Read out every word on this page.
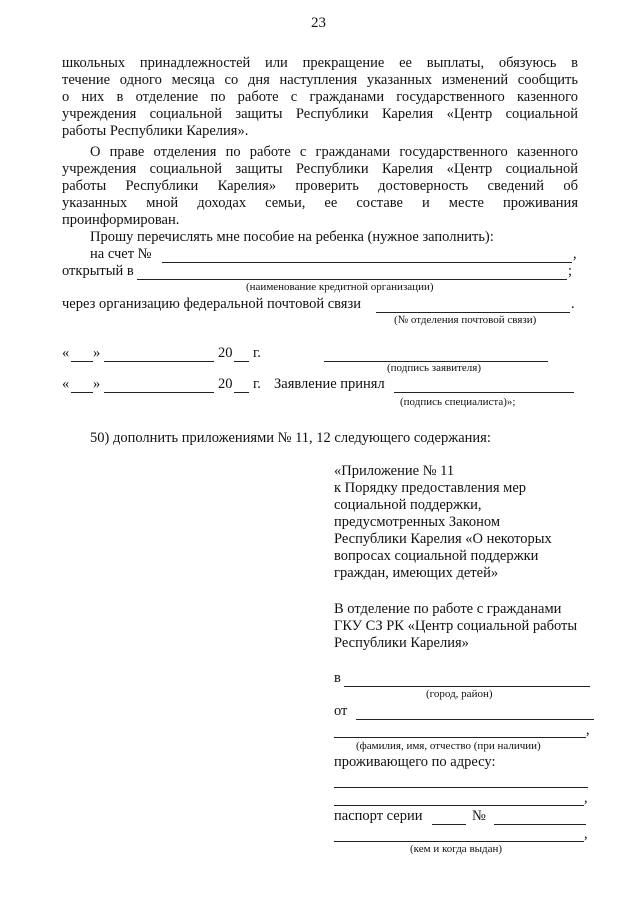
23
школьных принадлежностей или прекращение ее выплаты, обязуюсь в
течение одного месяца со дня наступления указанных изменений сообщить
о них в отделение по работе с гражданами государственного казенного
учреждения социальной защиты Республики Карелия «Центр социальной
работы Республики Карелия».
О праве отделения по работе с гражданами государственного казенного
учреждения социальной защиты Республики Карелия «Центр социальной
работы Республики Карелия» проверить достоверность сведений об
указанных мной доходах семьи, ее составе и месте проживания
проинформирован.
Прошу перечислять мне пособие на ребенка (нужное заполнить):
на счет №	,
открытый в	;
(наименование кредитной организации)
через организацию федеральной почтовой связи	.
(№ отделения почтовой связи)
« »	20 г.
(подпись заявителя)
« »	20 г. Заявление принял
(подпись специалиста)»;
50) дополнить приложениями № 11, 12 следующего содержания:
«Приложение № 11
к Порядку предоставления мер
социальной поддержки,
предусмотренных Законом
Республики Карелия «О некоторых
вопросах социальной поддержки
граждан, имеющих детей»
В отделение по работе с гражданами
ГКУ СЗ РК «Центр социальной работы
Республики Карелия»
в
(город, район)
от
,
(фамилия, имя, отчество (при наличии)
проживающего по адресу:
,
паспорт серии	№
,
(кем и когда выдан)
